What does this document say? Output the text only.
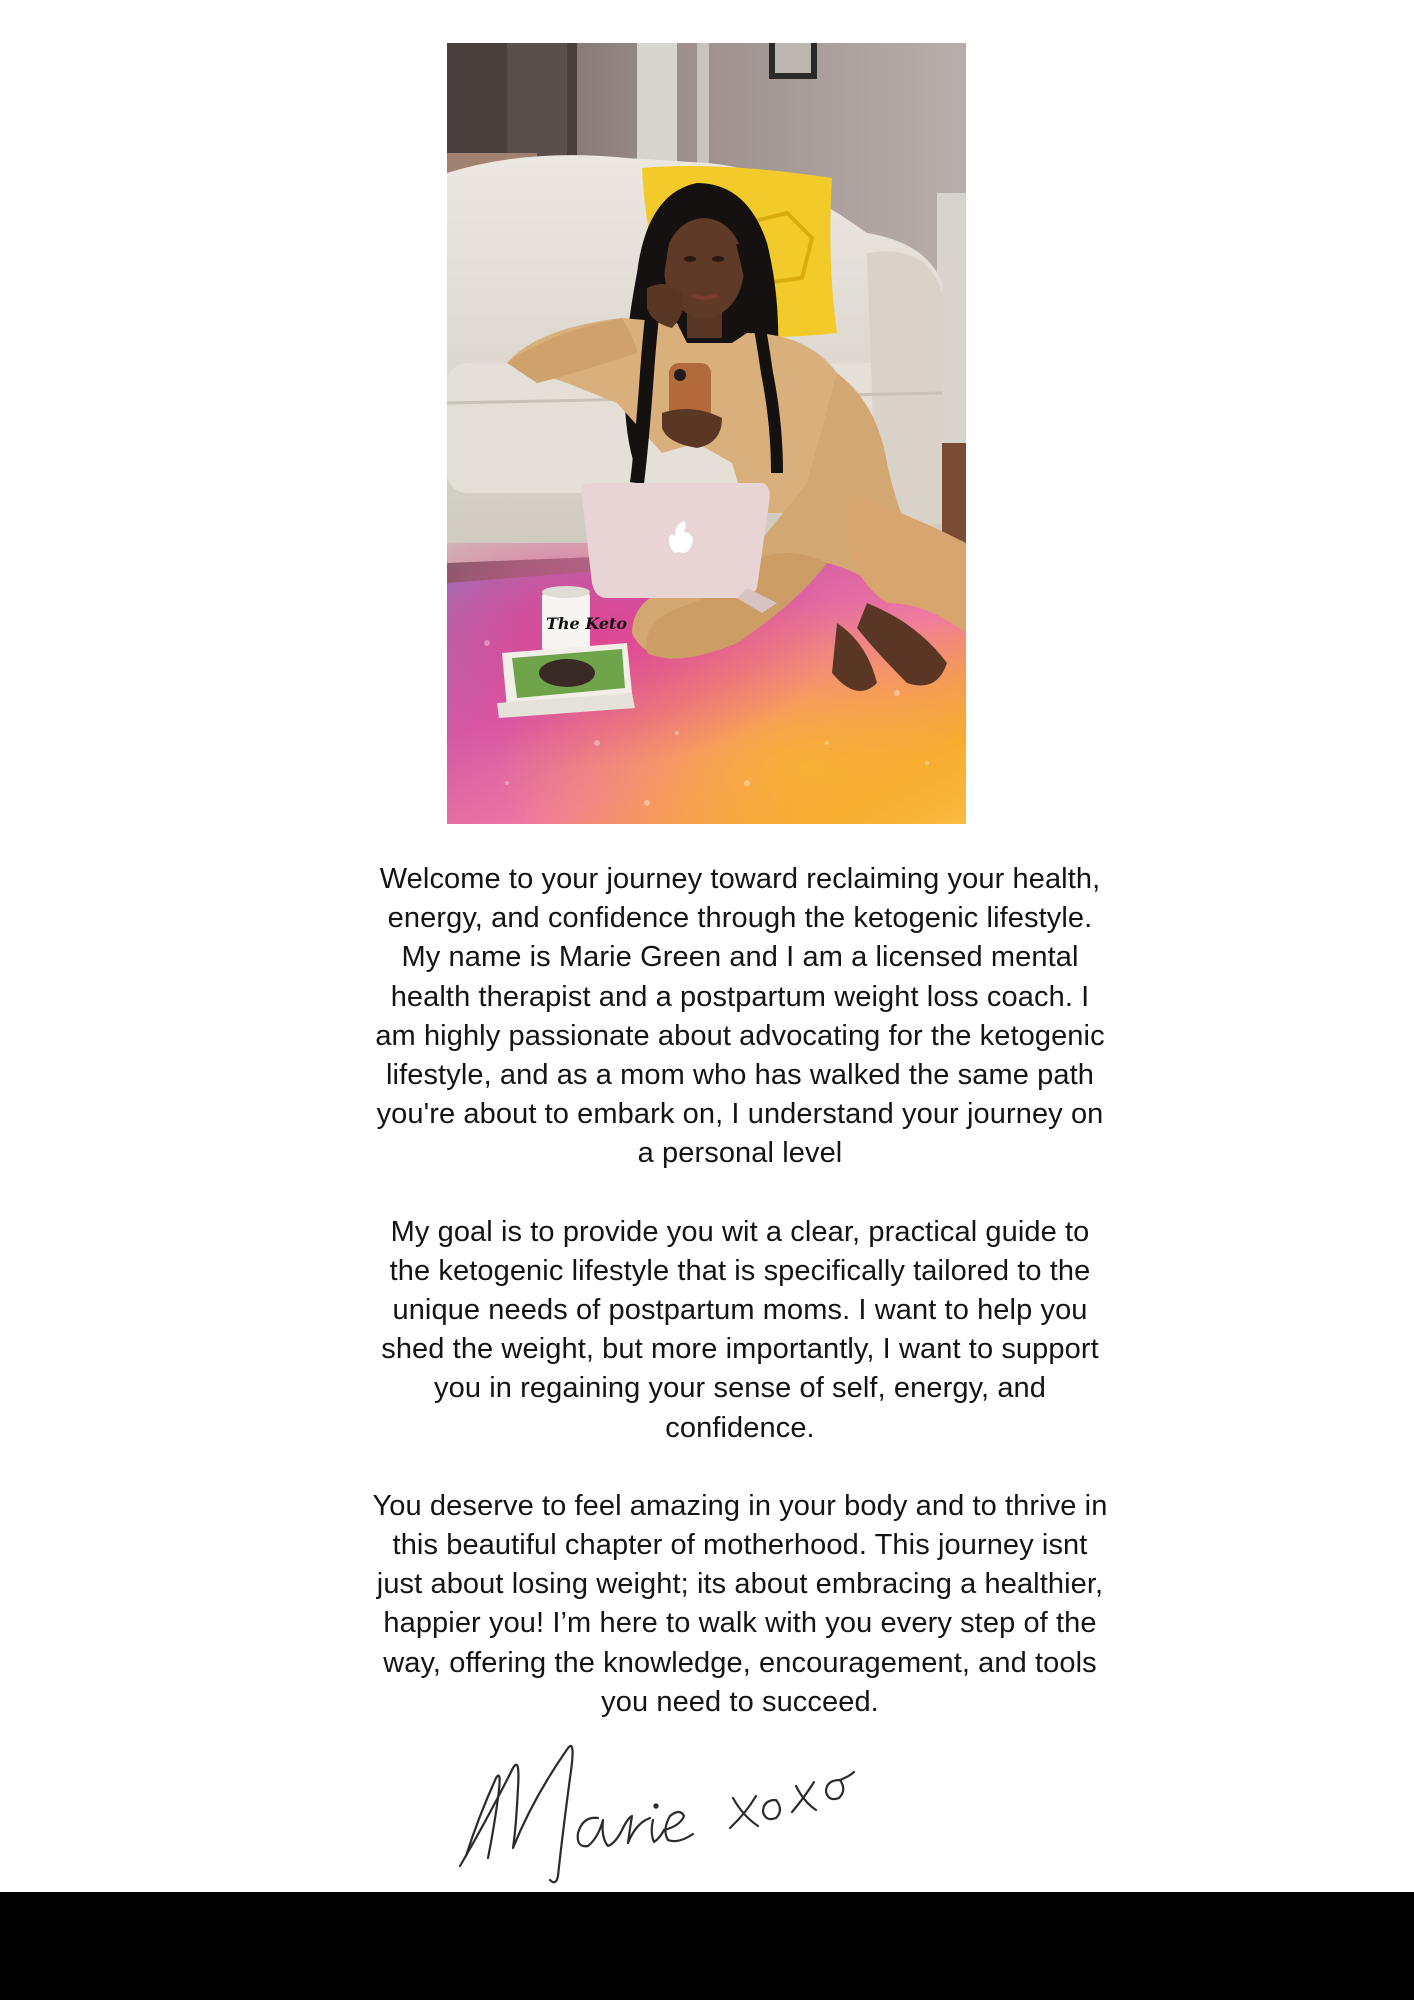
The Keto

Welcome to your journey toward reclaiming your health,
energy, and confidence through the ketogenic lifestyle.
My name is Marie Green and I am a licensed mental
health therapist and a postpartum weight loss coach. I
am highly passionate about advocating for the ketogenic
lifestyle, and as a mom who has walked the same path
you're about to embark on, I understand your journey on
a personal level

My goal is to provide you wit a clear, practical guide to
the ketogenic lifestyle that is specifically tailored to the
unique needs of postpartum moms. I want to help you
shed the weight, but more importantly, I want to support
you in regaining your sense of self, energy, and
confidence.

You deserve to feel amazing in your body and to thrive in
this beautiful chapter of motherhood. This journey isnt
just about losing weight; its about embracing a healthier,
happier you! I’m here to walk with you every step of the
way, offering the knowledge, encouragement, and tools
you need to succeed.
